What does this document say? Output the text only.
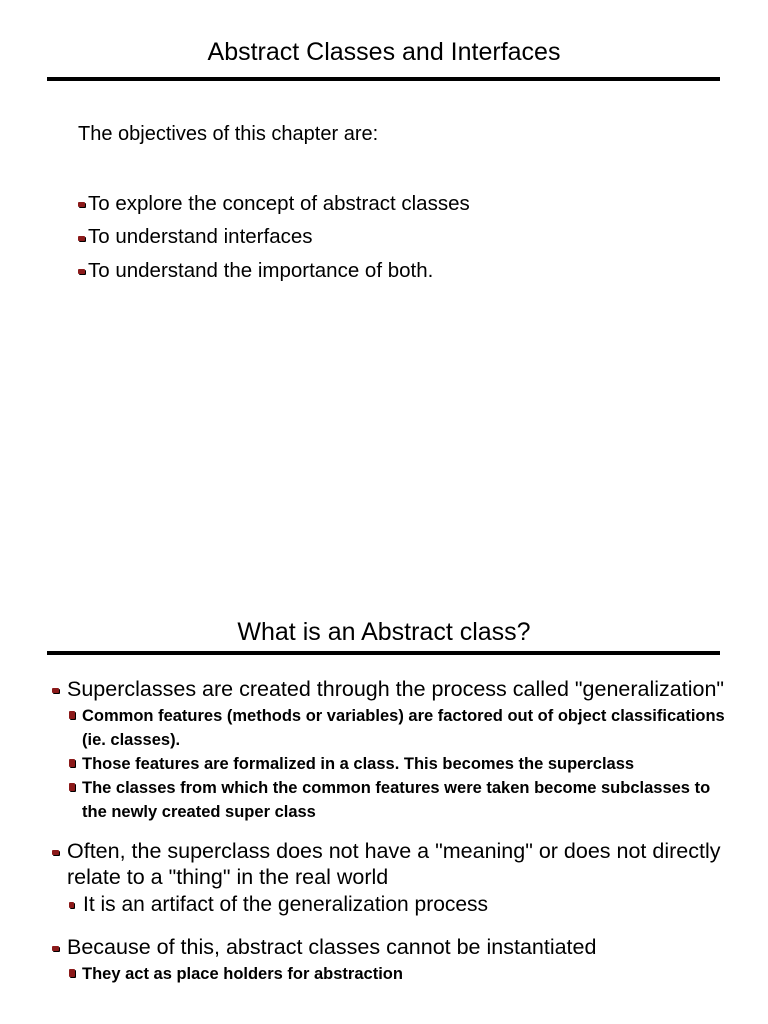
Abstract Classes and Interfaces
The objectives of this chapter are:
To explore the concept of abstract classes
To understand interfaces
To understand the importance of both.
What is an Abstract class?
Superclasses are created through the process called "generalization"
Common features (methods or variables) are factored out of object classifications (ie. classes).
Those features are formalized in a class. This becomes the superclass
The classes from which the common features were taken become subclasses to the newly created super class
Often, the superclass does not have a "meaning" or does not directly relate to a "thing" in the real world
It is an artifact of the generalization process
Because of this, abstract classes cannot be instantiated
They act as place holders for abstraction
